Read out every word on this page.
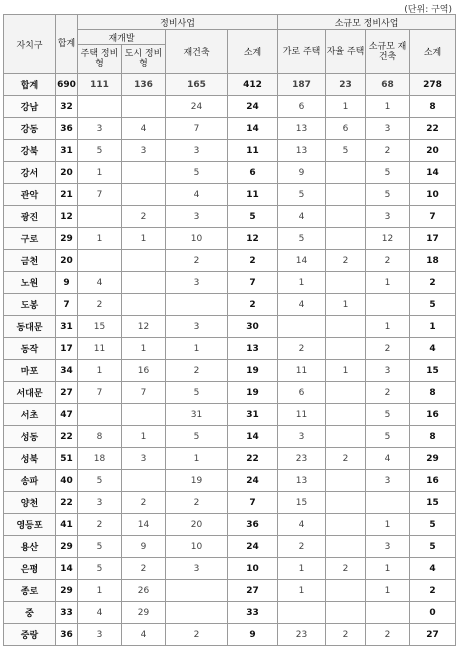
(단위: 구역)
자치구	합계	정비사업				소규모 정비사업			
		재개발		재건축	소계	가로 주택	자율 주택	소규모 재건축	소계
		주택 정비형	도시 정비형						
합계	690	111	136	165	412	187	23	68	278
강남	32			24	24	6	1	1	8
강동	36	3	4	7	14	13	6	3	22
강북	31	5	3	3	11	13	5	2	20
강서	20	1		5	6	9		5	14
관악	21	7		4	11	5		5	10
광진	12		2	3	5	4		3	7
구로	29	1	1	10	12	5		12	17
금천	20			2	2	14	2	2	18
노원	9	4		3	7	1		1	2
도봉	7	2			2	4	1		5
동대문	31	15	12	3	30			1	1
동작	17	11	1	1	13	2		2	4
마포	34	1	16	2	19	11	1	3	15
서대문	27	7	7	5	19	6		2	8
서초	47			31	31	11		5	16
성동	22	8	1	5	14	3		5	8
성북	51	18	3	1	22	23	2	4	29
송파	40	5		19	24	13		3	16
양천	22	3	2	2	7	15			15
영등포	41	2	14	20	36	4		1	5
용산	29	5	9	10	24	2		3	5
은평	14	5	2	3	10	1	2	1	4
종로	29	1	26		27	1		1	2
중	33	4	29		33				0
중랑	36	3	4	2	9	23	2	2	27
